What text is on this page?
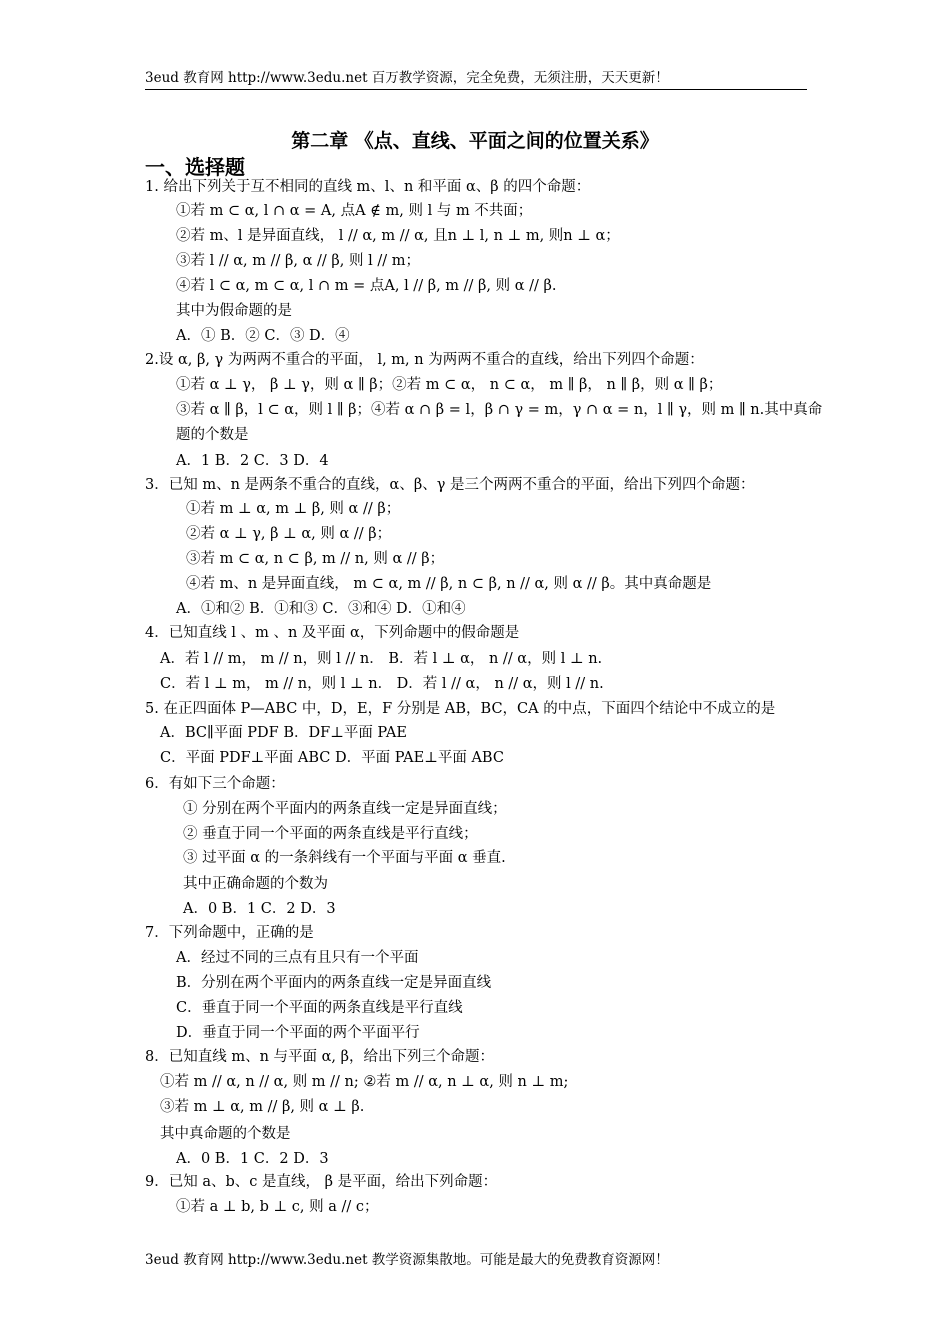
3eud 教育网 http://www.3edu.net 百万教学资源，完全免费，无须注册，天天更新！
第二章 《点、直线、平面之间的位置关系》
一、选择题
1. 给出下列关于互不相同的直线 m、l、n 和平面 α、β 的四个命题：
①若 m ⊂ α, l ∩ α = A, 点A ∉ m, 则 l 与 m 不共面；
②若 m、l 是异面直线， l // α, m // α, 且n ⊥ l, n ⊥ m, 则n ⊥ α；
③若 l // α, m // β, α // β, 则 l // m；
④若 l ⊂ α, m ⊂ α, l ∩ m = 点A, l // β, m // β, 则 α // β.
其中为假命题的是
A．① B．② C．③ D．④
2.设 α, β, γ 为两两不重合的平面， l, m, n 为两两不重合的直线，给出下列四个命题：
①若 α ⊥ γ， β ⊥ γ，则 α ∥ β；②若 m ⊂ α， n ⊂ α， m ∥ β， n ∥ β，则 α ∥ β；
③若 α ∥ β，l ⊂ α，则 l ∥ β；④若 α ∩ β = l，β ∩ γ = m，γ ∩ α = n，l ∥ γ，则 m ∥ n.其中真命
题的个数是
A．1 B．2 C．3 D．4
3．已知 m、n 是两条不重合的直线，α、β、γ 是三个两两不重合的平面，给出下列四个命题：
①若 m ⊥ α, m ⊥ β, 则 α // β；
②若 α ⊥ γ, β ⊥ α, 则 α // β；
③若 m ⊂ α, n ⊂ β, m // n, 则 α // β；
④若 m、n 是异面直线， m ⊂ α, m // β, n ⊂ β, n // α, 则 α // β。其中真命题是
A．①和② B．①和③ C．③和④ D．①和④
4．已知直线 l 、m 、n 及平面 α，下列命题中的假命题是
A．若 l // m， m // n，则 l // n． B．若 l ⊥ α， n // α，则 l ⊥ n.
C．若 l ⊥ m， m // n，则 l ⊥ n． D．若 l // α， n // α，则 l // n.
5. 在正四面体 P—ABC 中，D，E，F 分别是 AB，BC，CA 的中点，下面四个结论中不成立的是
A．BC∥平面 PDF B．DF⊥平面 PAE
C．平面 PDF⊥平面 ABC D．平面 PAE⊥平面 ABC
6．有如下三个命题：
① 分别在两个平面内的两条直线一定是异面直线；
② 垂直于同一个平面的两条直线是平行直线；
③ 过平面 α 的一条斜线有一个平面与平面 α 垂直.
其中正确命题的个数为
A．0 B．1 C．2 D．3
7．下列命题中，正确的是
A．经过不同的三点有且只有一个平面
B．分别在两个平面内的两条直线一定是异面直线
C．垂直于同一个平面的两条直线是平行直线
D．垂直于同一个平面的两个平面平行
8．已知直线 m、n 与平面 α, β，给出下列三个命题：
①若 m // α, n // α, 则 m // n; ②若 m // α, n ⊥ α, 则 n ⊥ m;
③若 m ⊥ α, m // β, 则 α ⊥ β.
其中真命题的个数是
A．0 B．1 C．2 D．3
9．已知 a、b、c 是直线， β 是平面，给出下列命题：
①若 a ⊥ b, b ⊥ c, 则 a // c；
3eud 教育网 http://www.3edu.net 教学资源集散地。可能是最大的免费教育资源网！
